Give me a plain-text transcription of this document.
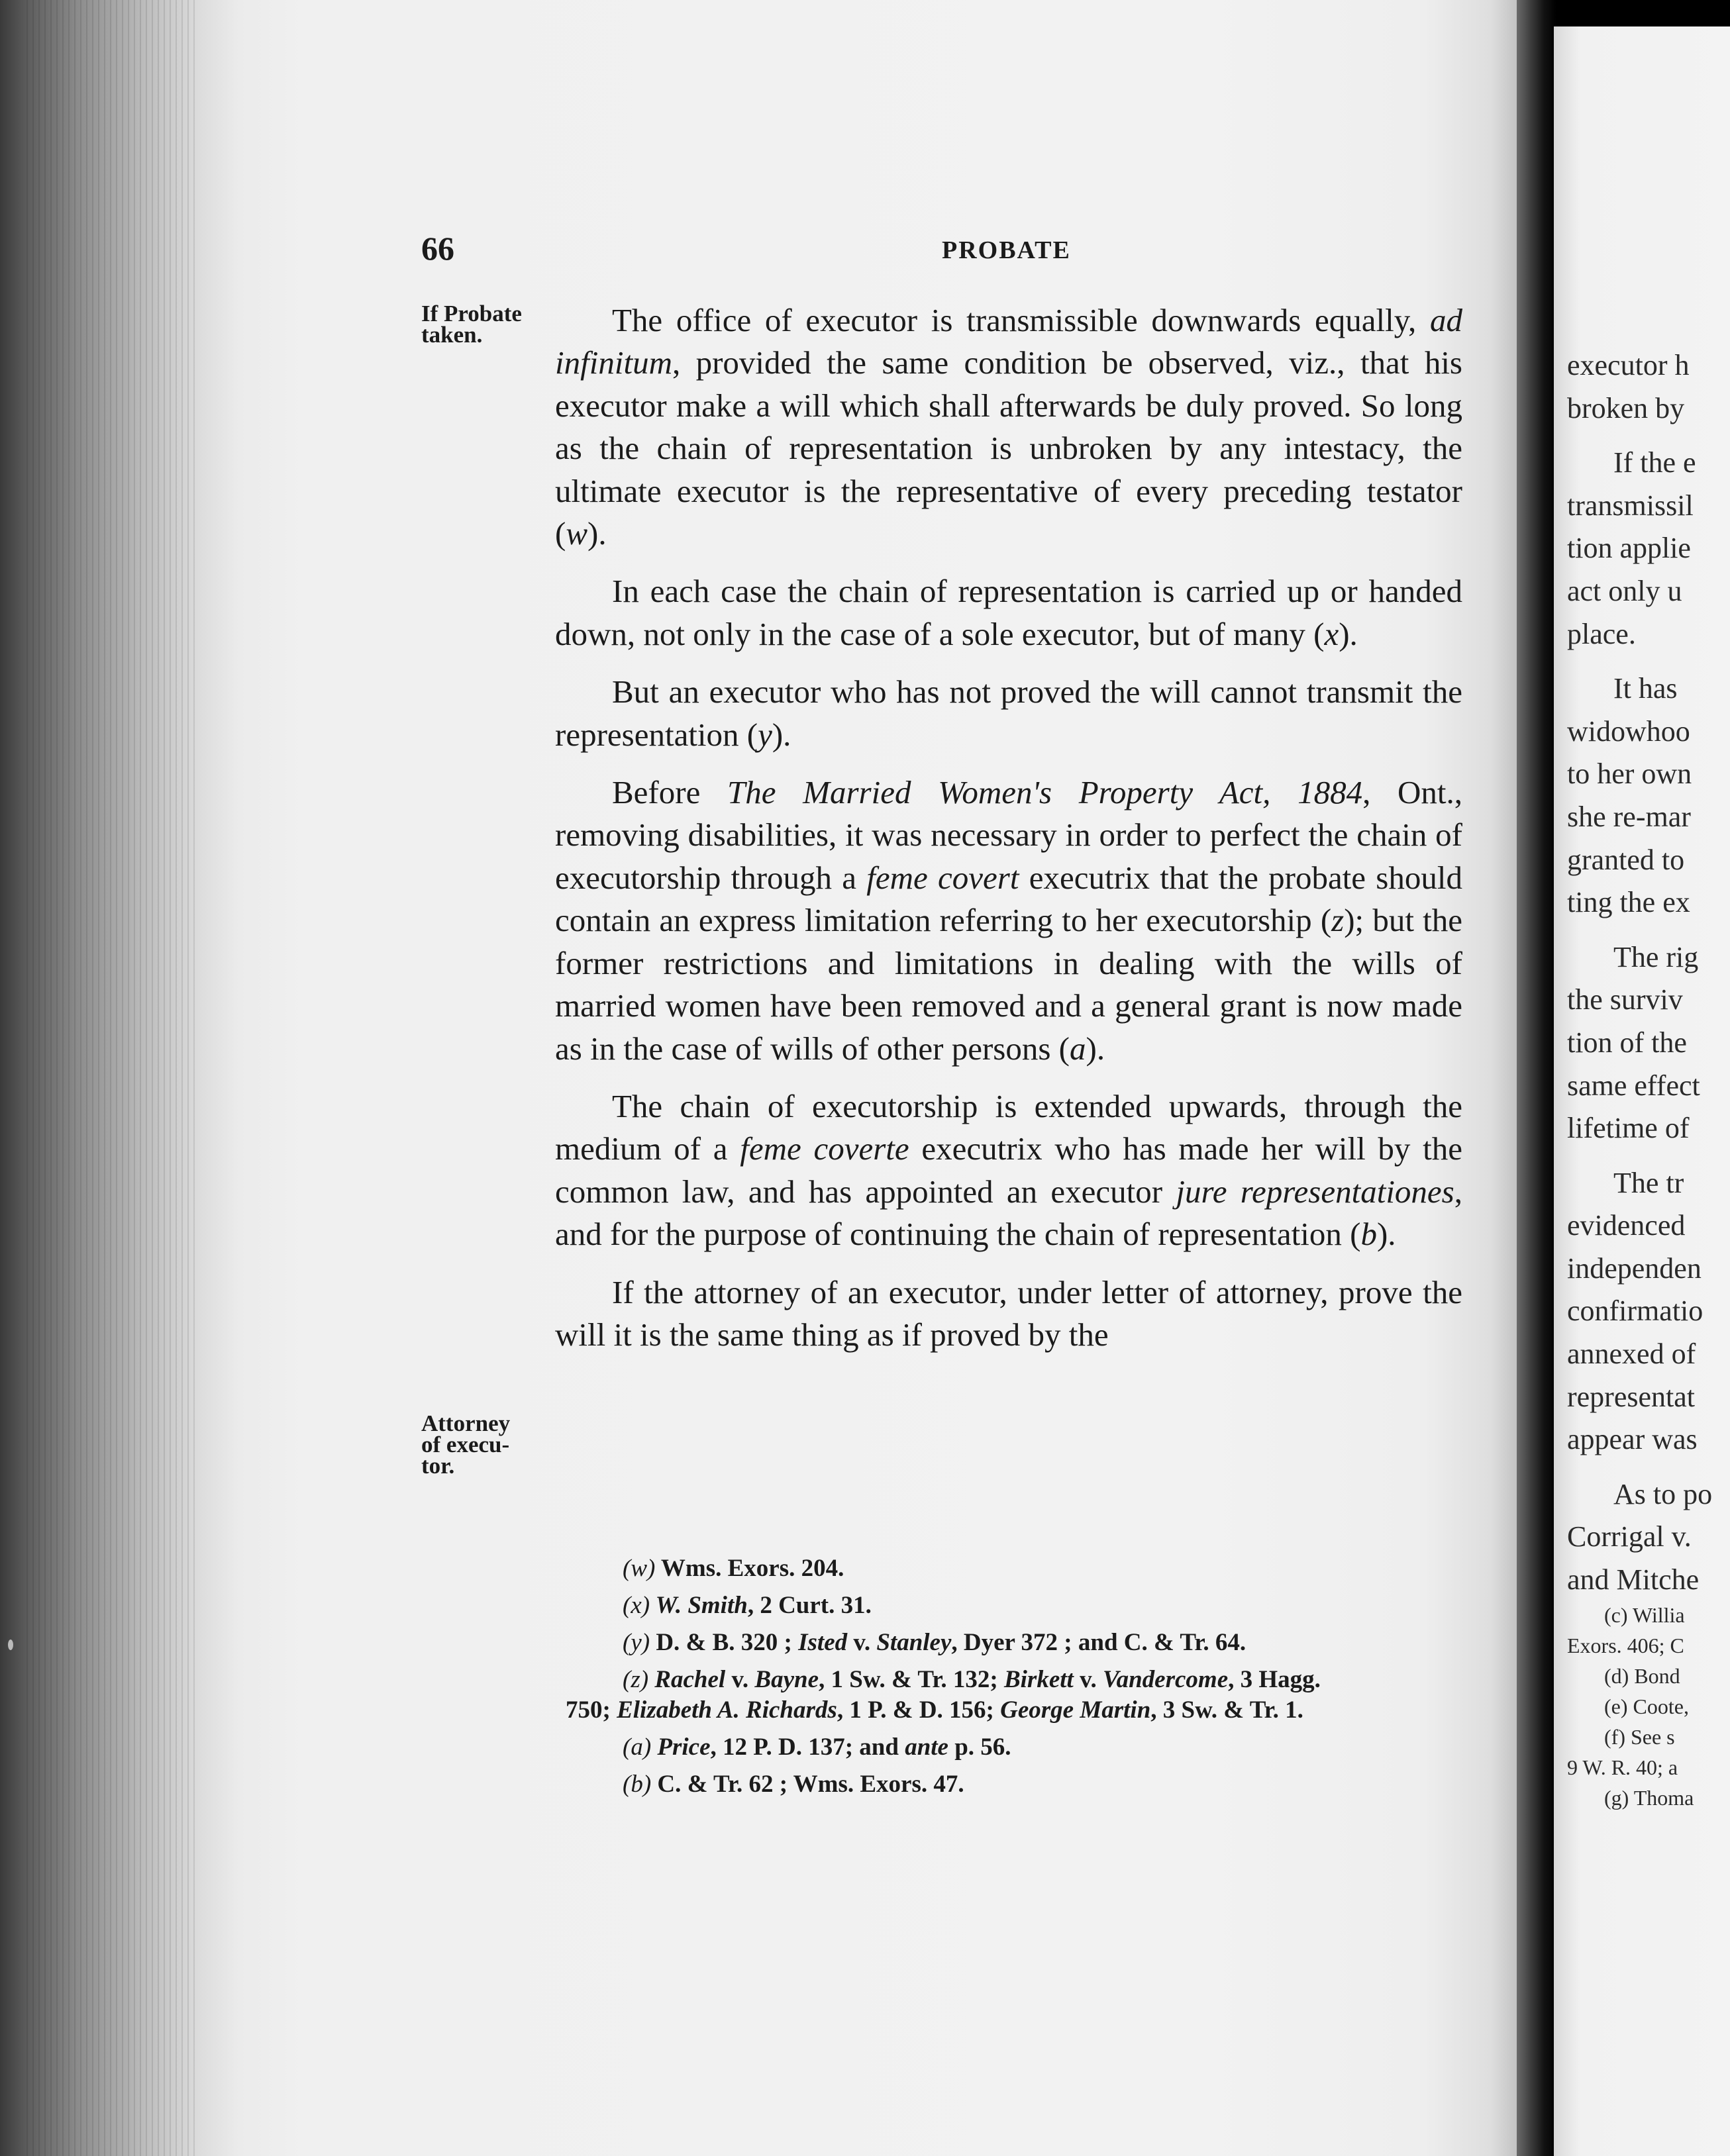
66	PROBATE
If Probate
taken.
Attorney
of execu-
tor.

The office of executor is transmissible downwards equally, ad infinitum, provided the same condition be observed, viz., that his executor make a will which shall afterwards be duly proved. So long as the chain of representation is unbroken by any intestacy, the ultimate executor is the representative of every preceding testator (w).

In each case the chain of representation is carried up or handed down, not only in the case of a sole executor, but of many (x).

But an executor who has not proved the will cannot transmit the representation (y).

Before The Married Women's Property Act, 1884, Ont., removing disabilities, it was necessary in order to perfect the chain of executorship through a feme covert executrix that the probate should contain an express limitation referring to her executorship (z); but the former restrictions and limitations in dealing with the wills of married women have been removed and a general grant is now made as in the case of wills of other persons (a).

The chain of executorship is extended upwards, through the medium of a feme coverte executrix who has made her will by the common law, and has appointed an executor jure representationes, and for the purpose of continuing the chain of representation (b).

If the attorney of an executor, under letter of attorney, prove the will it is the same thing as if proved by the

(w) Wms. Exors. 204.
(x) W. Smith, 2 Curt. 31.
(y) D. & B. 320 ; Isted v. Stanley, Dyer 372 ; and C. & Tr. 64.
(z) Rachel v. Bayne, 1 Sw. & Tr. 132; Birkett v. Vandercome, 3 Hagg.
750; Elizabeth A. Richards, 1 P. & D. 156; George Martin, 3 Sw. & Tr. 1.
(a) Price, 12 P. D. 137; and ante p. 56.
(b) C. & Tr. 62 ; Wms. Exors. 47.
executor h
broken by
If the e
transmissil
tion applie
act only u
place.
It has
widowhoo
to her own
she re-mar
granted to
ting the ex
The rig
the surviv
tion of the
same effect
lifetime of
The tr
evidenced
independen
confirmatio
annexed of
representat
appear was
As to po
Corrigal v.
and Mitche
(c) Willia
Exors. 406; C
(d) Bond
(e) Coote,
(f) See s
9 W. R. 40; a
(g) Thoma
